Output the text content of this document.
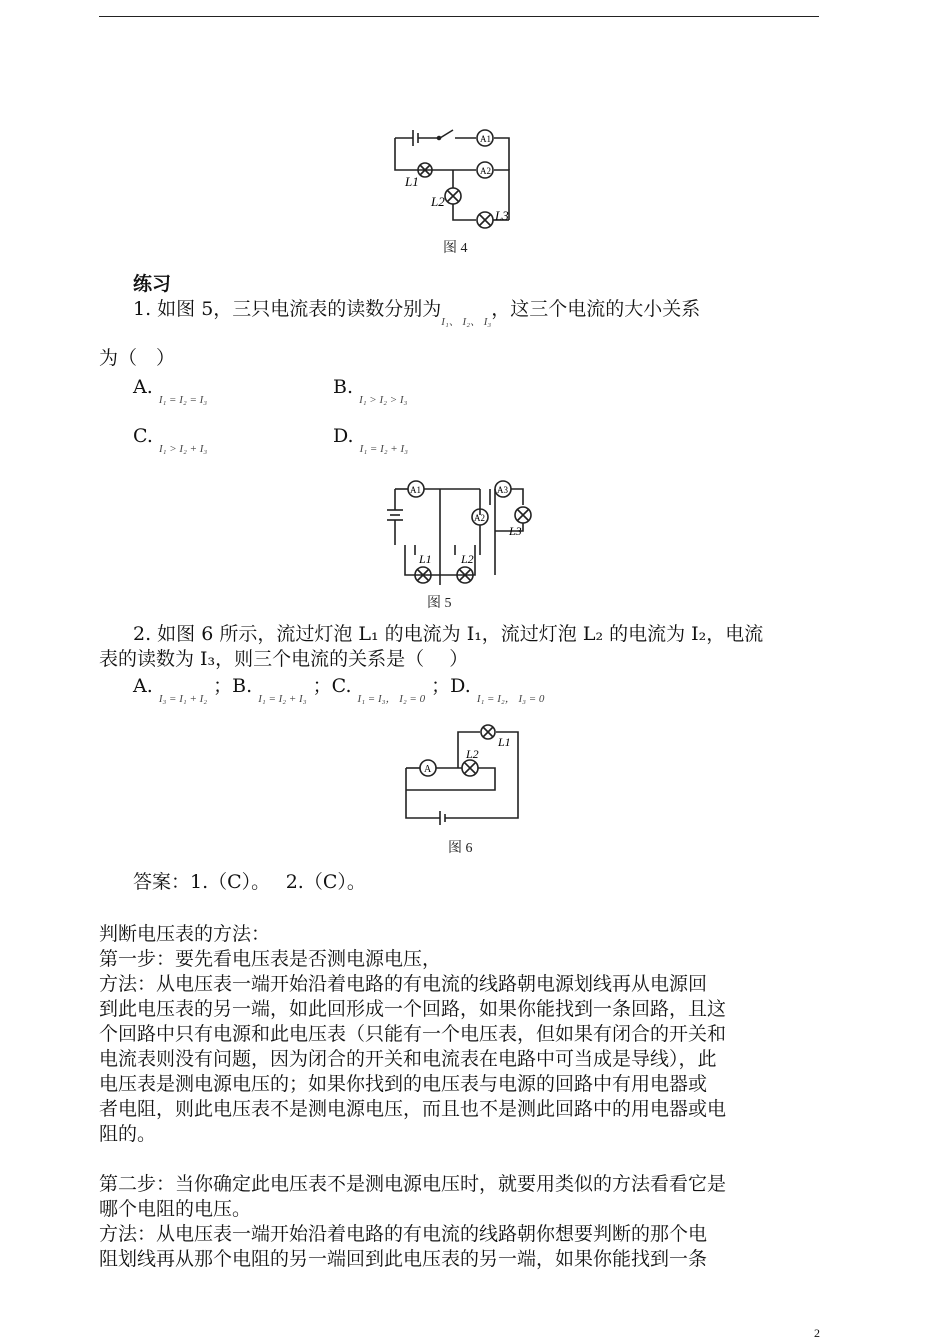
A1
A2
L1
L2
L3
图 4
练习
1. 如图 5，三只电流表的读数分别为$_{I_1、 I_2、 I_3}$，这三个电流的大小关系
为（　）
A. $_{I_1 = I_2 = I_3}$
B. $_{I_1 > I_2 > I_3}$
C. $_{I_1 > I_2 + I_3}$
D. $_{I_1 = I_2 + I_3}$
A1
A2
A3
L1 L2
L3
图 5
2. 如图 6 所示，流过灯泡 L₁ 的电流为 I₁，流过灯泡 L₂ 的电流为 I₂，电流
表的读数为 I₃，则三个电流的关系是（　 ）
A. $_{I_3 = I_1 + I_2}$ ；B. $_{I_1 = I_2 + I_3}$ ；C. $_{I_1 = I_3, I_2 = 0}$ ；D. $_{I_1 = I_2, I_3 = 0}$
A
L2
L1
图 6
答案：1.（C）。　 2.（C）。
判断电压表的方法：
第一步：要先看电压表是否测电源电压，
方法：从电压表一端开始沿着电路的有电流的线路朝电源划线再从电源回
到此电压表的另一端，如此回形成一个回路，如果你能找到一条回路，且这
个回路中只有电源和此电压表（只能有一个电压表，但如果有闭合的开关和
电流表则没有问题，因为闭合的开关和电流表在电路中可当成是导线），此
电压表是测电源电压的；如果你找到的电压表与电源的回路中有用电器或
者电阻，则此电压表不是测电源电压，而且也不是测此回路中的用电器或电
阻的。
第二步：当你确定此电压表不是测电源电压时，就要用类似的方法看看它是
哪个电阻的电压。
方法：从电压表一端开始沿着电路的有电流的线路朝你想要判断的那个电
阻划线再从那个电阻的另一端回到此电压表的另一端，如果你能找到一条
2
